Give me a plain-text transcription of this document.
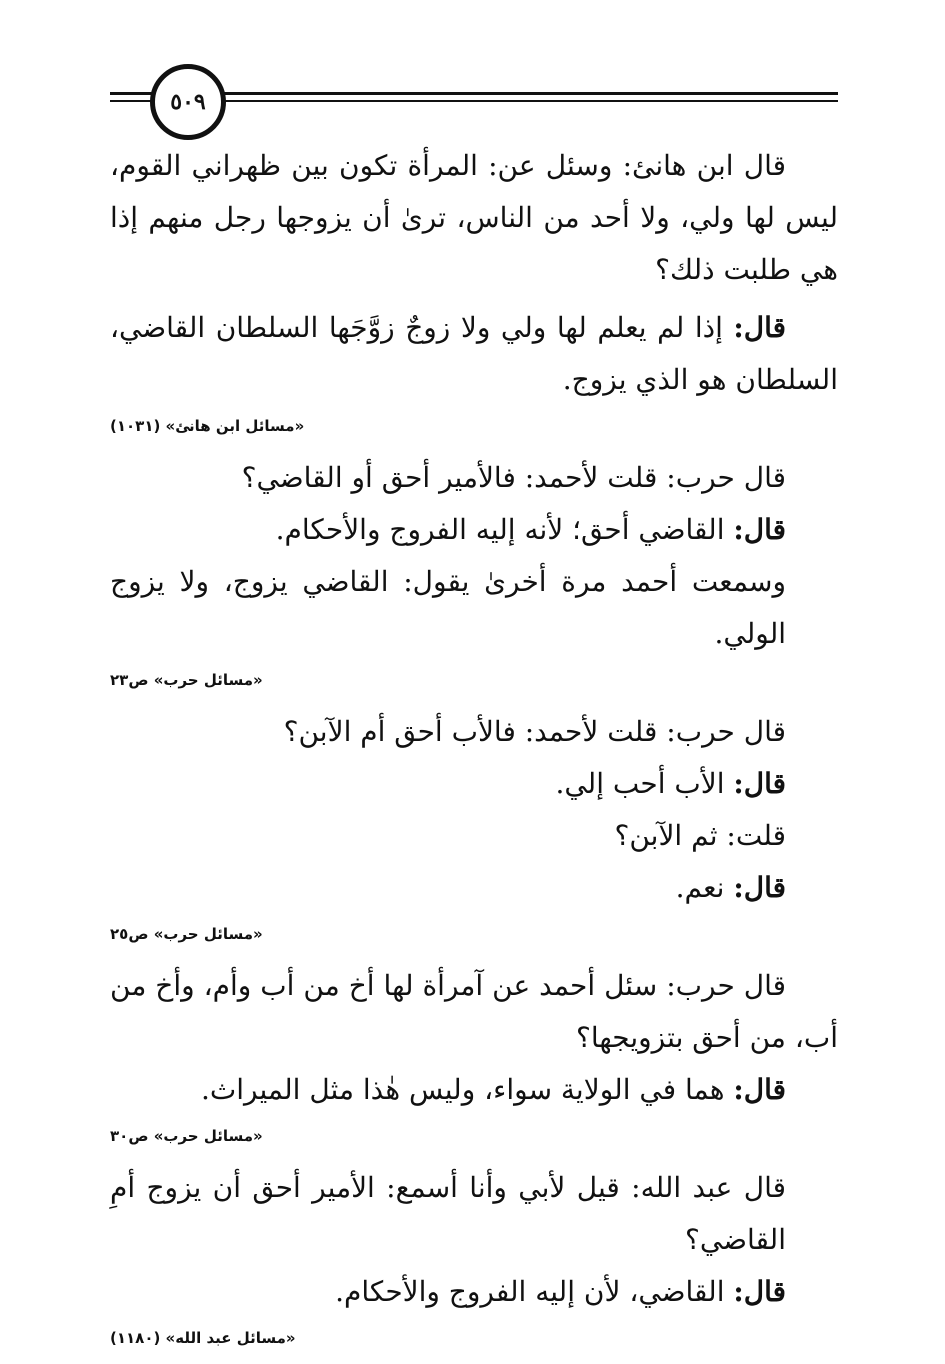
٥٠٩

قال ابن هانئ: وسئل عن: المرأة تكون بين ظهراني القوم، ليس لها ولي، ولا أحد من الناس، ترىٰ أن يزوجها رجل منهم إذا هي طلبت ذلك؟

قال: إذا لم يعلم لها ولي ولا زوجٌ زوَّجَها السلطان القاضي، السلطان هو الذي يزوج.

«مسائل ابن هانئ» (١٠٣١)

قال حرب: قلت لأحمد: فالأمير أحق أو القاضي؟

قال: القاضي أحق؛ لأنه إليه الفروج والأحكام.

وسمعت أحمد مرة أخرىٰ يقول: القاضي يزوج، ولا يزوج الولي.

«مسائل حرب» ص٢٣

قال حرب: قلت لأحمد: فالأب أحق أم الآبن؟

قال: الأب أحب إلي.

قلت: ثم الآبن؟

قال: نعم.

«مسائل حرب» ص٢٥

قال حرب: سئل أحمد عن آمرأة لها أخ من أب وأم، وأخ من أب، من أحق بتزويجها؟

قال: هما في الولاية سواء، وليس هٰذا مثل الميراث.

«مسائل حرب» ص٣٠

قال عبد الله: قيل لأبي وأنا أسمع: الأمير أحق أن يزوج أمِ القاضي؟

قال: القاضي، لأن إليه الفروج والأحكام.

«مسائل عبد الله» (١١٨٠)
